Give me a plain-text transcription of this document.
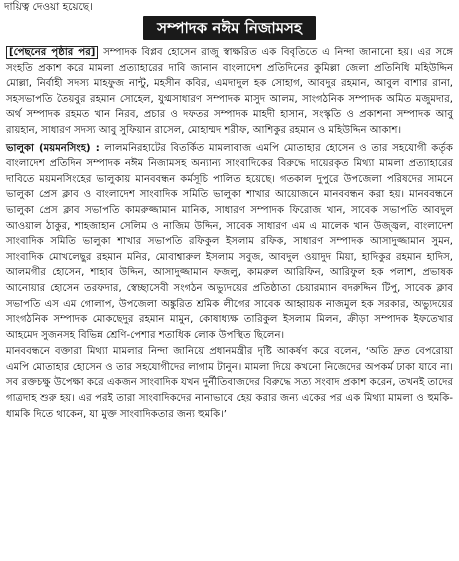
দায়িত্ব দেওয়া হয়েছে।
সম্পাদক নঈম নিজামসহ

[পেছনের পৃষ্ঠার পর] সম্পাদক বিপ্লব হোসেন রাজু স্বাক্ষরিত এক বিবৃতিতে এ নিন্দা জানানো হয়। এর সঙ্গে সংহতি প্রকাশ করে মামলা প্রত্যাহারের দাবি জানান বাংলাদেশ প্রতিদিনের কুমিল্লা জেলা প্রতিনিধি মহিউদ্দিন মোল্লা, নির্বাহী সদস্য মাহফুজ নান্টু, মহসীন কবির, এমদাদুল হক সোহাগ, আবদুর রহমান, আবুল বাশার রানা, সহসভাপতি তৈয়বুর রহমান সোহেল, যুগ্মসাধারণ সম্পাদক মাসুদ আলম, সাংগঠনিক সম্পাদক অমিত মজুমদার, অর্থ সম্পাদক রহমত খান নিরব, প্রচার ও দফতর সম্পাদক মাহদী হাসান, সংস্কৃতি ও প্রকাশনা সম্পাদক আবু রায়হান, সাধারণ সদস্য আবু সুফিয়ান রাসেল, মোহাম্মদ শরীফ, আশিকুর রহমান ও মহিউদ্দিন আকাশ।

ভালুকা (ময়মনসিংহ) : লালমনিরহাটের বিতর্কিত মামলাবাজ এমপি মোতাহার হোসেন ও তার সহযোগী কর্তৃক বাংলাদেশ প্রতিদিন সম্পাদক নঈম নিজামসহ অন্যান্য সাংবাদিকের বিরুদ্ধে দায়েরকৃত মিথ্যা মামলা প্রত্যাহারের দাবিতে ময়মনসিংহের ভালুকায় মানববন্ধন কর্মসূচি পালিত হয়েছে। গতকাল দুপুরে উপজেলা পরিষদের সামনে ভালুকা প্রেস ক্লাব ও বাংলাদেশ সাংবাদিক সমিতি ভালুকা শাখার আয়োজনে মানববন্ধন করা হয়। মানববন্ধনে ভালুকা প্রেস ক্লাব সভাপতি কামরুজ্জামান মানিক, সাধারণ সম্পাদক ফিরোজ খান, সাবেক সভাপতি আবদুল আওয়াল ঠাকুর, শাহজাহান সেলিম ও নাজিম উদ্দিন, সাবেক সাধারণ এম এ মালেক খান উজ্জ্বল, বাংলাদেশ সাংবাদিক সমিতি ভালুকা শাখার সভাপতি রফিকুল ইসলাম রফিক, সাধারণ সম্পাদক আসাদুজ্জামান সুমন, সাংবাদিক মোখলেছুর রহমান মনির, মোবাশ্বারুল ইসলাম সবুজ, আবদুল ওয়াদুদ মিয়া, হাদিকুর রহমান হাদিস, আলমগীর হোসেন, শাহাব উদ্দিন, আসাদুজ্জামান ফজলু, কামরুল আরিফিন, আরিফুল হক পলাশ, প্রভাষক আনোয়ার হোসেন তরফদার, স্বেচ্ছাসেবী সংগঠন অভ্যুদয়ের প্রতিষ্ঠাতা চেয়ারম্যান বদরুদ্দিন টিপু, সাবেক ক্লাব সভাপতি এস এম গোলাপ, উপজেলা অঙ্কুরিত শ্রমিক লীগের সাবেক আহ্বায়ক নাজমুল হক সরকার, অভ্যুদয়ের সাংগঠনিক সম্পাদক মোকছেদুর রহমান মামুন, কোষাধ্যক্ষ তারিকুল ইসলাম মিলন, ক্রীড়া সম্পাদক ইফতেখার আহমেদ সুজনসহ বিভিন্ন শ্রেণি-পেশার শতাধিক লোক উপস্থিত ছিলেন।

মানববন্ধনে বক্তারা মিথ্যা মামলার নিন্দা জানিয়ে প্রধানমন্ত্রীর দৃষ্টি আকর্ষণ করে বলেন, ‘অতি দ্রুত বেপরোয়া এমপি মোতাহার হোসেন ও তার সহযোগীদের লাগাম টানুন। মামলা দিয়ে কখনো নিজেদের অপকর্ম ঢাকা যাবে না। সব রক্তচক্ষু উপেক্ষা করে একজন সাংবাদিক যখন দুর্নীতিবাজদের বিরুদ্ধে সত্য সংবাদ প্রকাশ করেন, তখনই তাদের গাত্রদাহ শুরু হয়। এর পরই তারা সাংবাদিকদের নানাভাবে হেয় করার জন্য একের পর এক মিথ্যা মামলা ও হুমকি-ধামকি দিতে থাকেন, যা মুক্ত সাংবাদিকতার জন্য হুমকি।’
